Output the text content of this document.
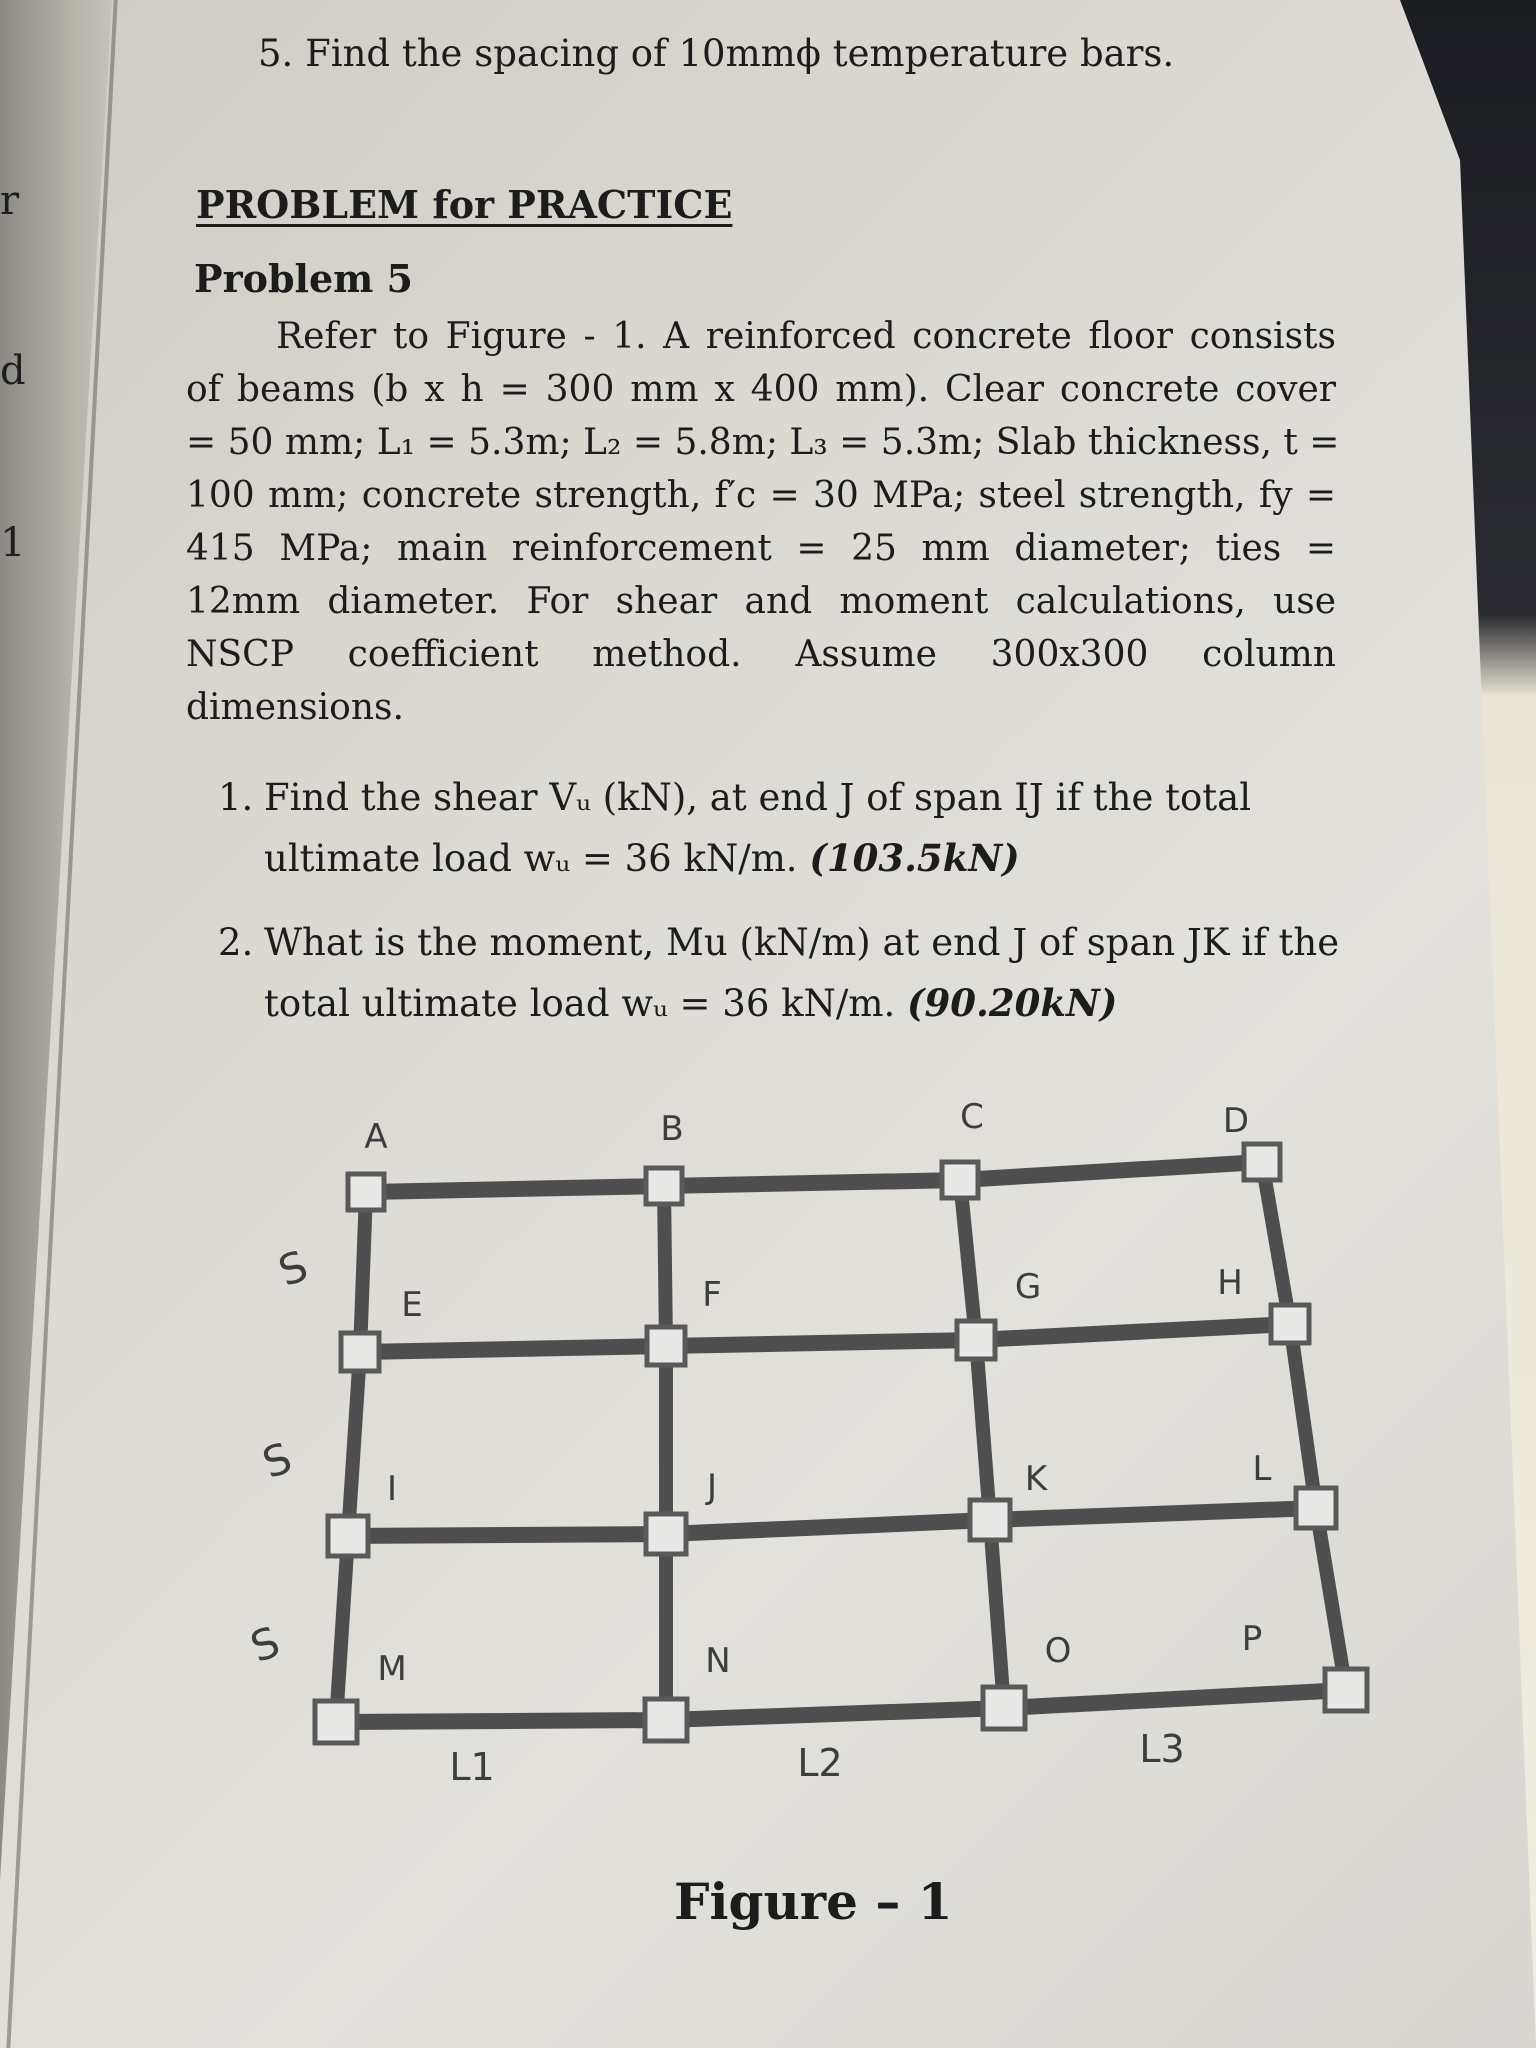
r
d
1
5. Find the spacing of 10mmϕ temperature bars.
PROBLEM for PRACTICE
Problem 5
Refer to Figure - 1. A reinforced concrete floor consists
of beams (b x h = 300 mm x 400 mm). Clear concrete cover
= 50 mm; L₁ = 5.3m; L₂ = 5.8m; L₃ = 5.3m; Slab thickness, t =
100 mm; concrete strength, f′c = 30 MPa; steel strength, fy =
415 MPa; main reinforcement = 25 mm diameter; ties =
12mm diameter. For shear and moment calculations, use
NSCP coefficient method. Assume 300x300 column
dimensions.
1. Find the shear Vᵤ (kN), at end J of span IJ if the total ultimate load wᵤ = 36 kN/m. (103.5kN)
2. What is the moment, Mu (kN/m) at end J of span JK if the total ultimate load wᵤ = 36 kN/m. (90.20kN)
A	B	C	D
E	F	G	H
I	J	K	L
M	N	O	P
S
S
S
L1	L2	L3
Figure – 1
